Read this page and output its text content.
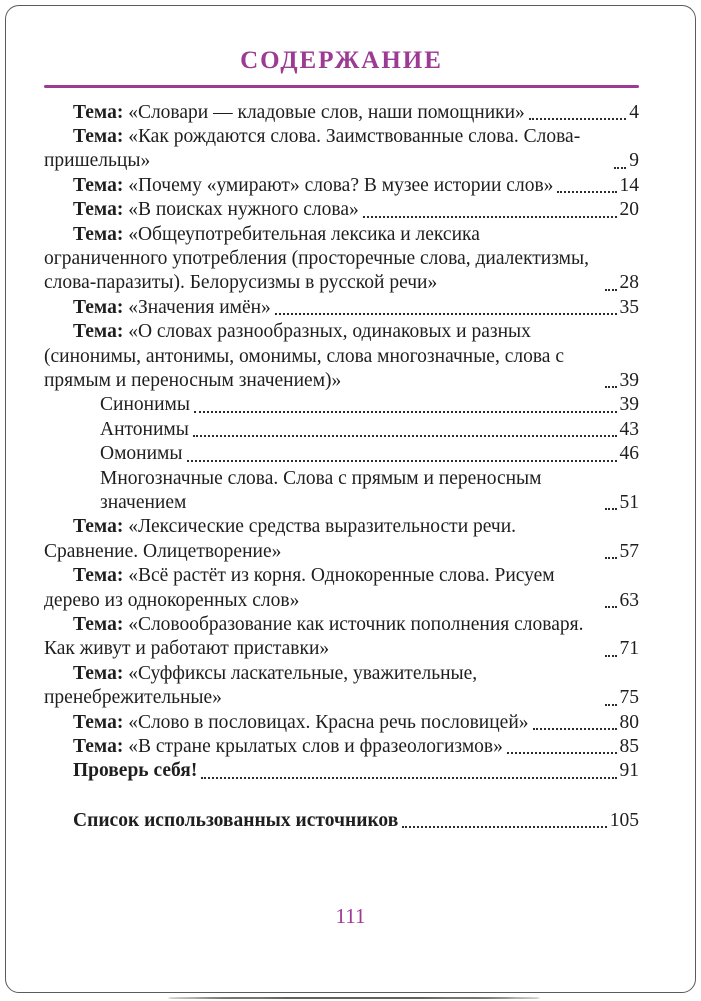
СОДЕРЖАНИЕ
Тема: «Словари — кладовые слов, наши помощники»	4
Тема: «Как рождаются слова. Заимствованные слова. Слова-пришельцы»	9
Тема: «Почему «умирают» слова? В музее истории слов»	14
Тема: «В поисках нужного слова»	20
Тема: «Общеупотребительная лексика и лексика ограниченного употребления (просторечные слова, диалектизмы, слова-паразиты). Белорусизмы в русской речи»	28
Тема: «Значения имён»	35
Тема: «О словах разнообразных, одинаковых и разных (синонимы, антонимы, омонимы, слова многозначные, слова с прямым и переносным значением)»	39
Синонимы	39
Антонимы	43
Омонимы	46
Многозначные слова. Слова с прямым и переносным значением	51
Тема: «Лексические средства выразительности речи. Сравнение. Олицетворение»	57
Тема: «Всё растёт из корня. Однокоренные слова. Рисуем дерево из однокоренных слов»	63
Тема: «Словообразование как источник пополнения словаря. Как живут и работают приставки»	71
Тема: «Суффиксы ласкательные, уважительные, пренебрежительные»	75
Тема: «Слово в пословицах. Красна речь пословицей»	80
Тема: «В стране крылатых слов и фразеологизмов»	85
Проверь себя!	91
Список использованных источников	105
111
